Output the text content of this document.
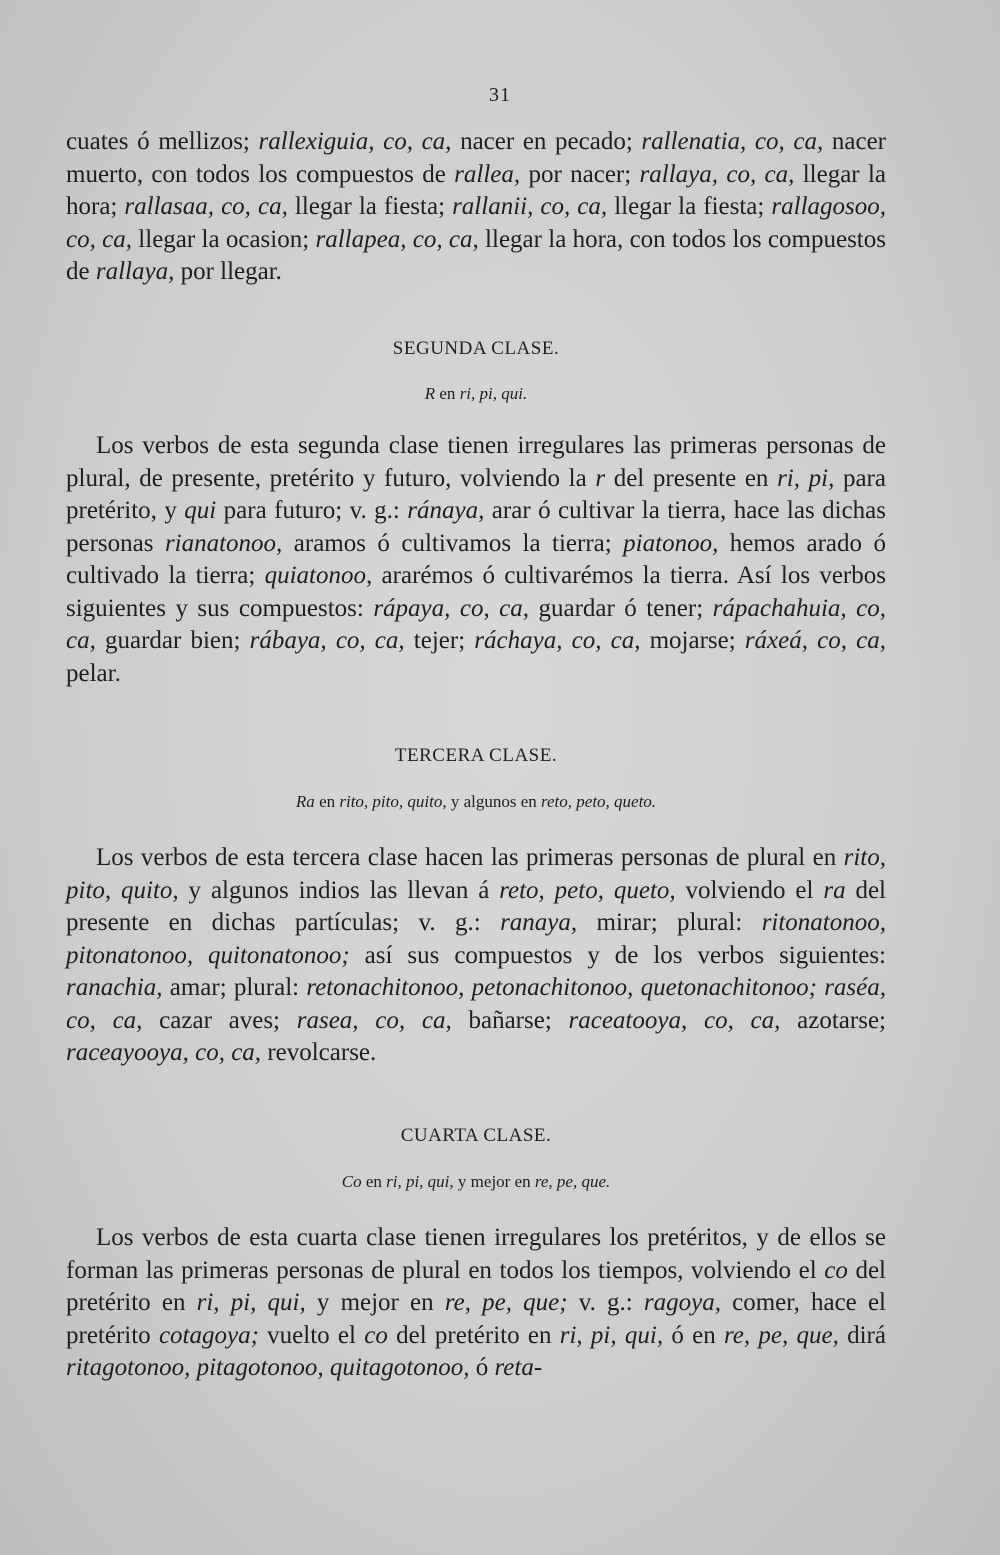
31

cuates ó mellizos; rallexiguia, co, ca, nacer en pecado; rallenatia, co, ca, nacer muerto, con todos los compuestos de rallea, por nacer; rallaya, co, ca, llegar la hora; rallasaa, co, ca, llegar la fiesta; rallanii, co, ca, llegar la fiesta; rallagosoo, co, ca, llegar la ocasion; rallapea, co, ca, llegar la hora, con todos los compuestos de rallaya, por llegar.

SEGUNDA CLASE.

R en ri, pi, qui.

Los verbos de esta segunda clase tienen irregulares las primeras personas de plural, de presente, pretérito y futuro, volviendo la r del presente en ri, pi, para pretérito, y qui para futuro; v. g.: ránaya, arar ó cultivar la tierra, hace las dichas personas rianatonoo, aramos ó cultivamos la tierra; piatonoo, hemos arado ó cultivado la tierra; quiatonoo, ararémos ó cultivarémos la tierra. Así los verbos siguientes y sus compuestos: rápaya, co, ca, guardar ó tener; rápachahuia, co, ca, guardar bien; rábaya, co, ca, tejer; ráchaya, co, ca, mojarse; ráxeá, co, ca, pelar.

TERCERA CLASE.

Ra en rito, pito, quito, y algunos en reto, peto, queto.

Los verbos de esta tercera clase hacen las primeras personas de plural en rito, pito, quito, y algunos indios las llevan á reto, peto, queto, volviendo el ra del presente en dichas partículas; v. g.: ranaya, mirar; plural: ritonatonoo, pitonatonoo, quitonatonoo; así sus compuestos y de los verbos siguientes: ranachia, amar; plural: retonachitonoo, petonachitonoo, quetonachitonoo; raséa, co, ca, cazar aves; rasea, co, ca, bañarse; raceatooya, co, ca, azotarse; raceayooya, co, ca, revolcarse.

CUARTA CLASE.

Co en ri, pi, qui, y mejor en re, pe, que.

Los verbos de esta cuarta clase tienen irregulares los pretéritos, y de ellos se forman las primeras personas de plural en todos los tiempos, volviendo el co del pretérito en ri, pi, qui, y mejor en re, pe, que; v. g.: ragoya, comer, hace el pretérito cotagoya; vuelto el co del pretérito en ri, pi, qui, ó en re, pe, que, dirá ritagotonoo, pitagotonoo, quitagotonoo, ó reta-
